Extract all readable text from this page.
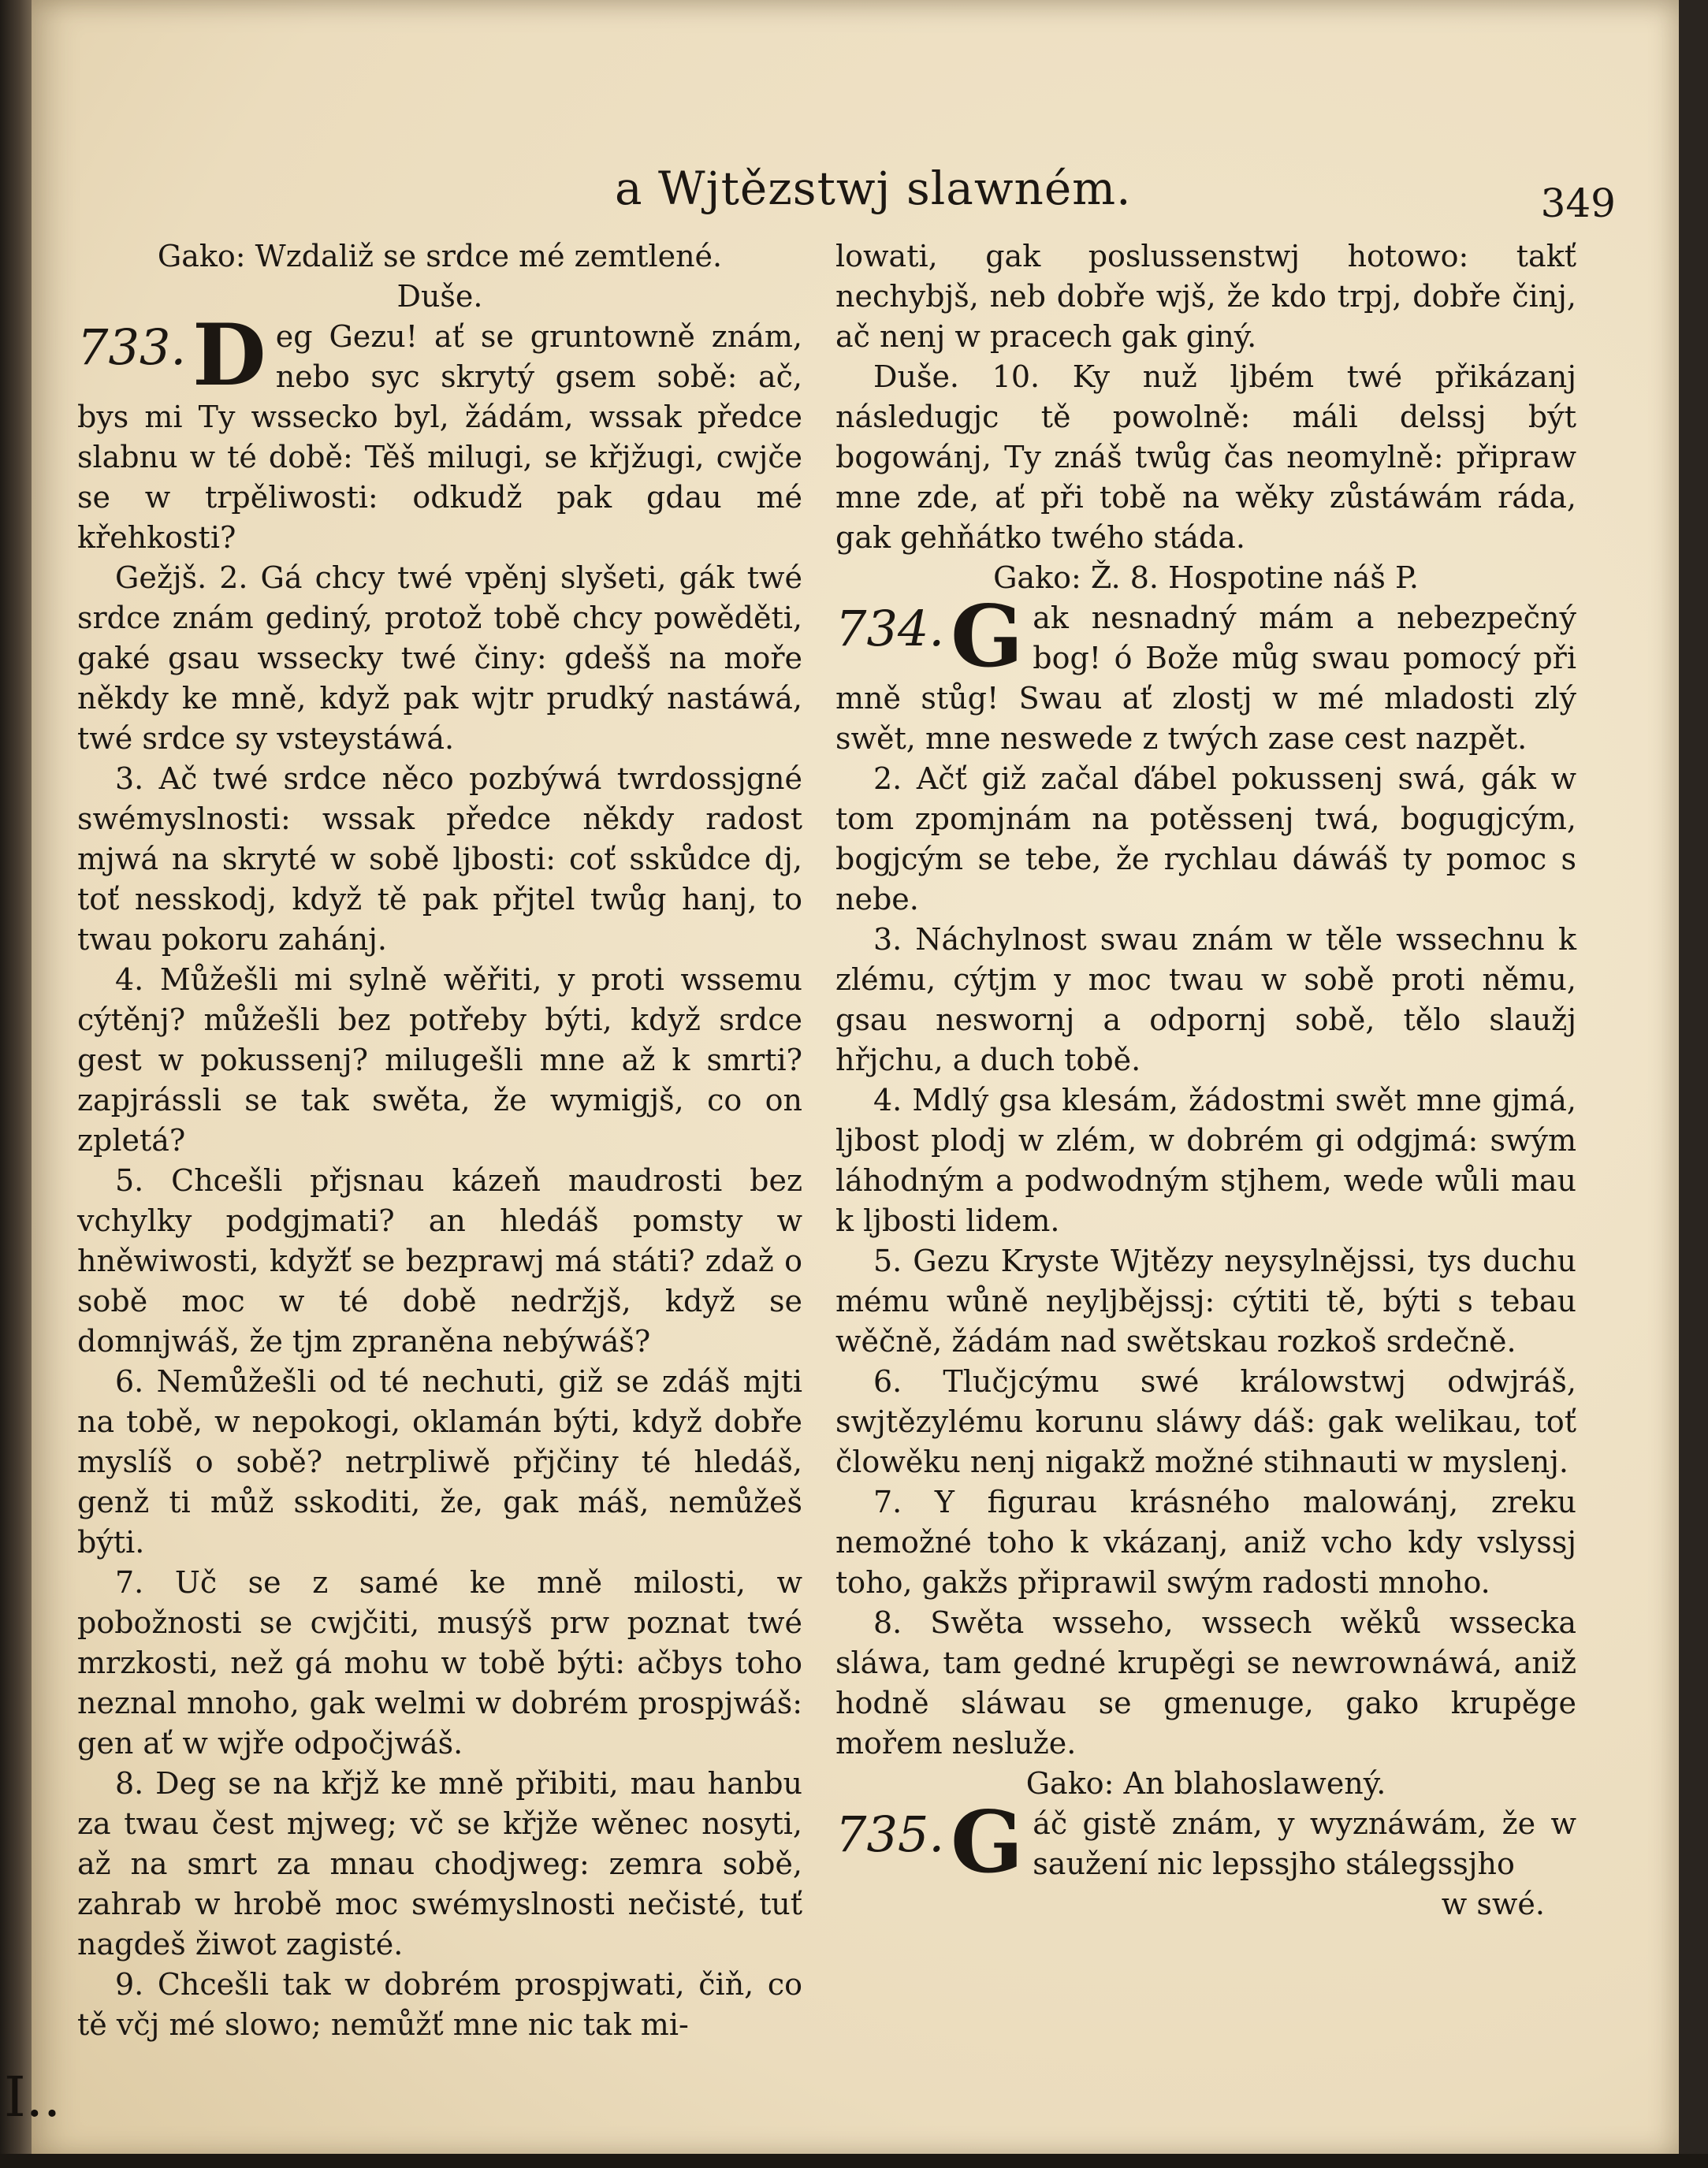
a Wjtězstwj slawném.	349

Gako: Wzdaliž se srdce mé zemtlené.

Duše.

733. D eg Gezu! ať se gruntowně znám, nebo syc skrytý gsem sobě: ač, bys mi Ty wssecko byl, žádám, wssak předce slabnu w té době: Těš milugi, se křjžugi, cwjče se w trpěliwosti: odkudž pak gdau mé křehkosti?

Gežjš. 2. Gá chcy twé vpěnj slyšeti, gák twé srdce znám gediný, protož tobě chcy powěděti, gaké gsau wssecky twé činy: gdešš na moře někdy ke mně, když pak wjtr prudký nastáwá, twé srdce sy vsteystáwá.

3. Ač twé srdce něco pozbýwá twrdossjgné swémyslnosti: wssak předce někdy radost mjwá na skryté w sobě ljbosti: coť sskůdce dj, toť nesskodj, když tě pak přjtel twůg hanj, to twau pokoru zahánj.

4. Můžešli mi sylně wěřiti, y proti wssemu cýtěnj? můžešli bez potřeby býti, když srdce gest w pokussenj? milugešli mne až k smrti? zapjrássli se tak swěta, že wymigjš, co on zpletá?

5. Chcešli přjsnau kázeň maudrosti bez vchylky podgjmati? an hledáš pomsty w hněwiwosti, kdyžť se bezprawj má státi? zdaž o sobě moc w té době nedržjš, když se domnjwáš, že tjm zpraněna nebýwáš?

6. Nemůžešli od té nechuti, giž se zdáš mjti na tobě, w nepokogi, oklamán býti, když dobře myslíš o sobě? netrpliwě přjčiny té hledáš, genž ti můž sskoditi, že, gak máš, nemůžeš býti.

7. Uč se z samé ke mně milosti, w pobožnosti se cwjčiti, musýš prw poznat twé mrzkosti, než gá mohu w tobě býti: ačbys toho neznal mnoho, gak welmi w dobrém prospjwáš: gen ať w wjře odpočjwáš.

8. Deg se na křjž ke mně přibiti, mau hanbu za twau čest mjweg; vč se křjže wěnec nosyti, až na smrt za mnau chodjweg: zemra sobě, zahrab w hrobě moc swémyslnosti nečisté, tuť nagdeš žiwot zagisté.

9. Chcešli tak w dobrém prospjwati, čiň, co tě včj mé slowo; nemůžť mne nic tak mi-

lowati, gak poslussenstwj hotowo: takť nechybjš, neb dobře wjš, že kdo trpj, dobře činj, ač nenj w pracech gak giný.

Duše. 10. Ky nuž ljbém twé přikázanj následugjc tě powolně: máli delssj být bogowánj, Ty znáš twůg čas neomylně: připraw mne zde, ať při tobě na wěky zůstáwám ráda, gak gehňátko twého stáda.

Gako: Ž. 8. Hospotine náš P.

734. G ak nesnadný mám a nebezpečný bog! ó Bože můg swau pomocý při mně stůg! Swau ať zlostj w mé mladosti zlý swět, mne neswede z twých zase cest nazpět.

2. Ačť giž začal ďábel pokussenj swá, gák w tom zpomjnám na potěssenj twá, bogugjcým, bogjcým se tebe, že rychlau dáwáš ty pomoc s nebe.

3. Náchylnost swau znám w těle wssechnu k zlému, cýtjm y moc twau w sobě proti němu, gsau neswornj a odpornj sobě, tělo slaužj hřjchu, a duch tobě.

4. Mdlý gsa klesám, žádostmi swět mne gjmá, ljbost plodj w zlém, w dobrém gi odgjmá: swým láhodným a podwodným stjhem, wede wůli mau k ljbosti lidem.

5. Gezu Kryste Wjtězy neysylnějssi, tys duchu mému wůně neyljbějssj: cýtiti tě, býti s tebau wěčně, žádám nad swětskau rozkoš srdečně.

6. Tlučjcýmu swé králowstwj odwjráš, swjtězylému korunu sláwy dáš: gak welikau, toť člowěku nenj nigakž možné stihnauti w myslenj.

7. Y figurau krásného malowánj, zreku nemožné toho k vkázanj, aniž vcho kdy vslyssj toho, gakžs připrawil swým radosti mnoho.

8. Swěta wsseho, wssech wěků wssecka sláwa, tam gedné krupěgi se newrownáwá, aniž hodně sláwau se gmenuge, gako krupěge mořem nesluže.

Gako: An blahoslawený.

735. G áč gistě znám, y wyznáwám, že w saužení nic lepssjho stálegssjho

w swé.

I..
